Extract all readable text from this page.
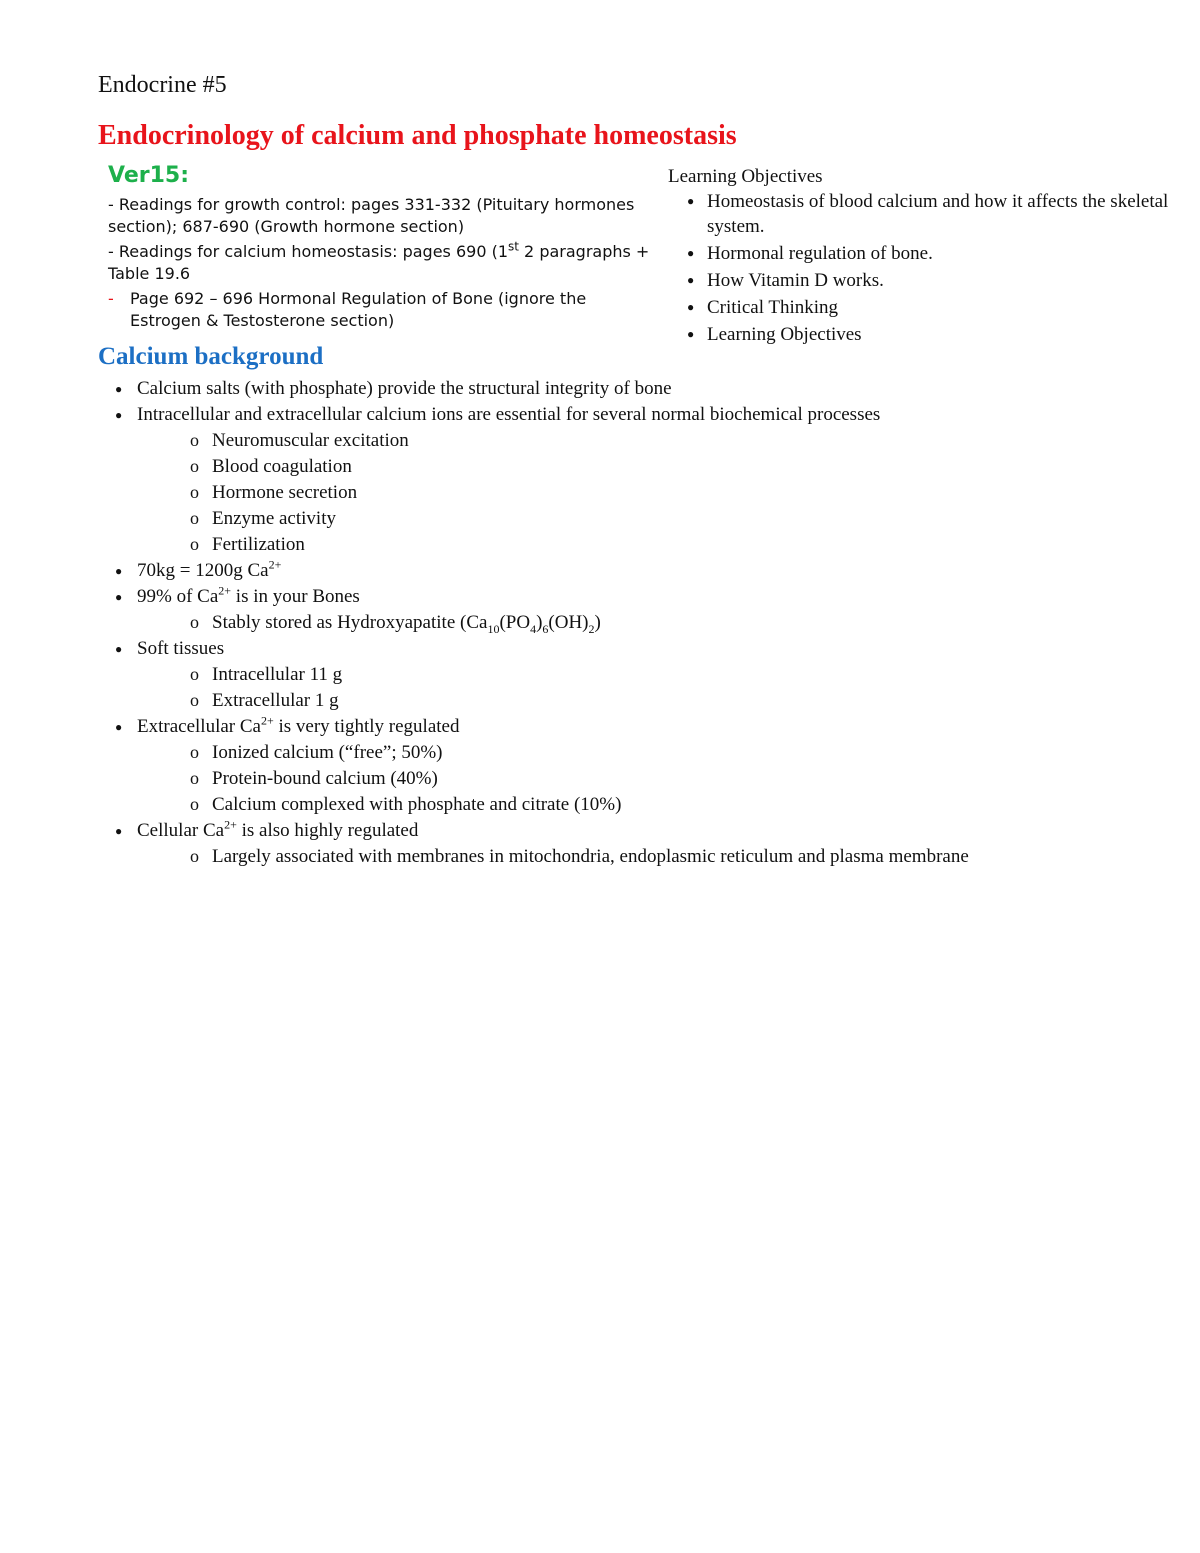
Endocrine #5
Endocrinology of calcium and phosphate homeostasis
Ver15:
- Readings for growth control: pages 331-332 (Pituitary hormones section); 687-690 (Growth hormone section)
- Readings for calcium homeostasis: pages 690 (1st 2 paragraphs + Table 19.6
- Page 692 – 696 Hormonal Regulation of Bone (ignore the Estrogen & Testosterone section)
Learning Objectives
● Homeostasis of blood calcium and how it affects the skeletal system.
● Hormonal regulation of bone.
● How Vitamin D works.
● Critical Thinking
● Learning Objectives
Calcium background
● Calcium salts (with phosphate) provide the structural integrity of bone
● Intracellular and extracellular calcium ions are essential for several normal biochemical processes
o Neuromuscular excitation
o Blood coagulation
o Hormone secretion
o Enzyme activity
o Fertilization
● 70kg = 1200g $Ca^{2+}$
● 99% of $Ca^{2+}$ is in your Bones
o Stably stored as Hydroxyapatite $(Ca_{10}(PO_4)_6(OH)_2)$
● Soft tissues
o Intracellular 11 g
o Extracellular 1 g
● Extracellular $Ca^{2+}$ is very tightly regulated
o Ionized calcium (“free”; 50%)
o Protein-bound calcium (40%)
o Calcium complexed with phosphate and citrate (10%)
● Cellular $Ca^{2+}$ is also highly regulated
o Largely associated with membranes in mitochondria, endoplasmic reticulum and plasma membrane
